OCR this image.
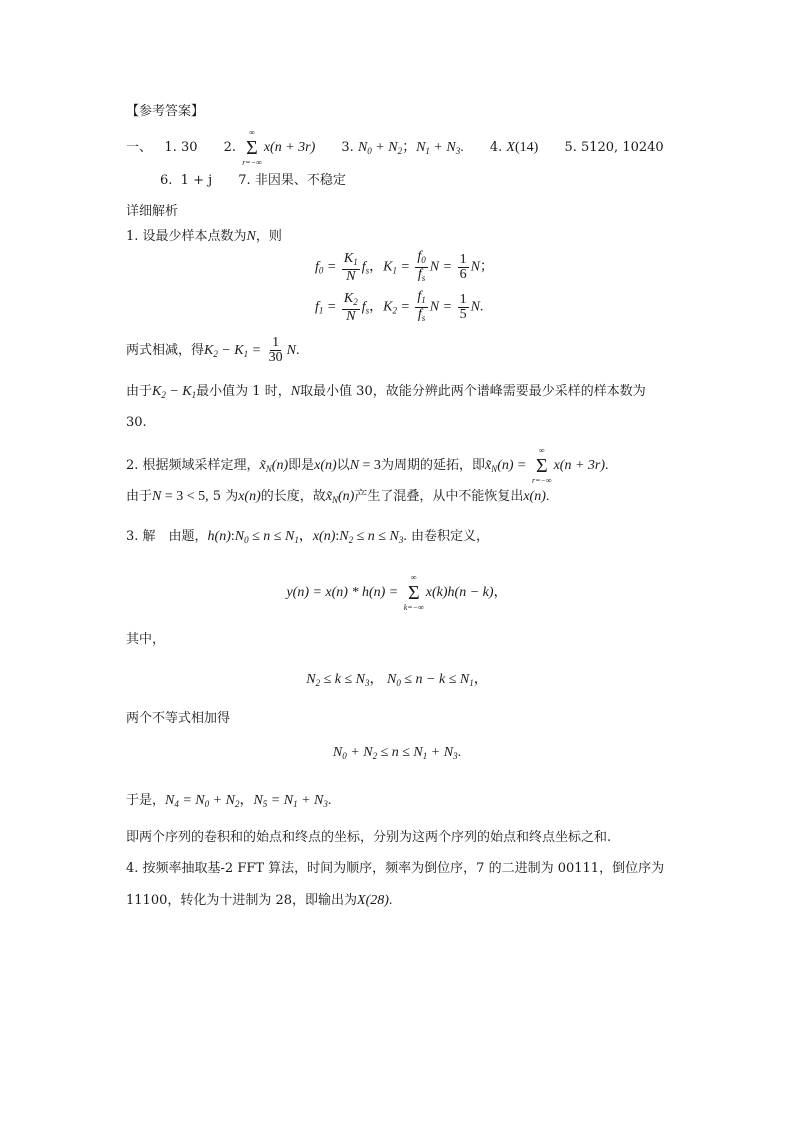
【参考答案】
一、 1. 30 2.
∞
Σ
r=−∞
x(n + 3r) 3. $N_0 + N_2$；$N_1 + N_3$. 4. X(14) 5. 5120, 10240
6. 1 + j 7. 非因果、不稳定
详细解析
1. 设最少样本点数为N，则
$f_0 = \frac{K_1}{N} f_s$，$K_1 = \frac{f_0}{f_s}$ $N = \frac{1}{6}$ N；
$f_1 = \frac{K_2}{N} f_s$，$K_2 = \frac{f_1}{f_s}$ $N = \frac{1}{5} N$.
两式相减，得$K_2 - K_1 = \frac{1}{30} N$.
由于$K_2 - K_1$最小值为 1 时，N取最小值 30，故能分辨此两个谱峰需要最少采样的样本数为
30.
2. 根据频域采样定理，$x̃_N(n)$即是x(n)以N = 3为周期的延拓，即$x̃_N(n)$ =
∞
Σ
r=−∞
x(n + 3r).
由于N = 3 < 5, 5 为x(n)的长度，故$x̃_N(n)$产生了混叠，从中不能恢复出x(n).
3. 解　由题，$h(n):N_0 \le n \le N_1$，$x(n):N_2 \le n \le N_3$. 由卷积定义，
y(n) = x(n) * h(n) =
∞
Σ
k=−∞
x(k)h(n − k)，
其中，
$N_2 \le k \le N_3$， $N_0 \le n - k \le N_1$，
两个不等式相加得
$N_0 + N_2 \le n \le N_1 + N_3$.
于是，$N_4 = N_0 + N_2$，$N_5 = N_1 + N_3$.
即两个序列的卷积和的始点和终点的坐标，分别为这两个序列的始点和终点坐标之和.
4. 按频率抽取基-2 FFT 算法，时间为顺序，频率为倒位序，7 的二进制为 00111，倒位序为
11100，转化为十进制为 28，即输出为X(28).
